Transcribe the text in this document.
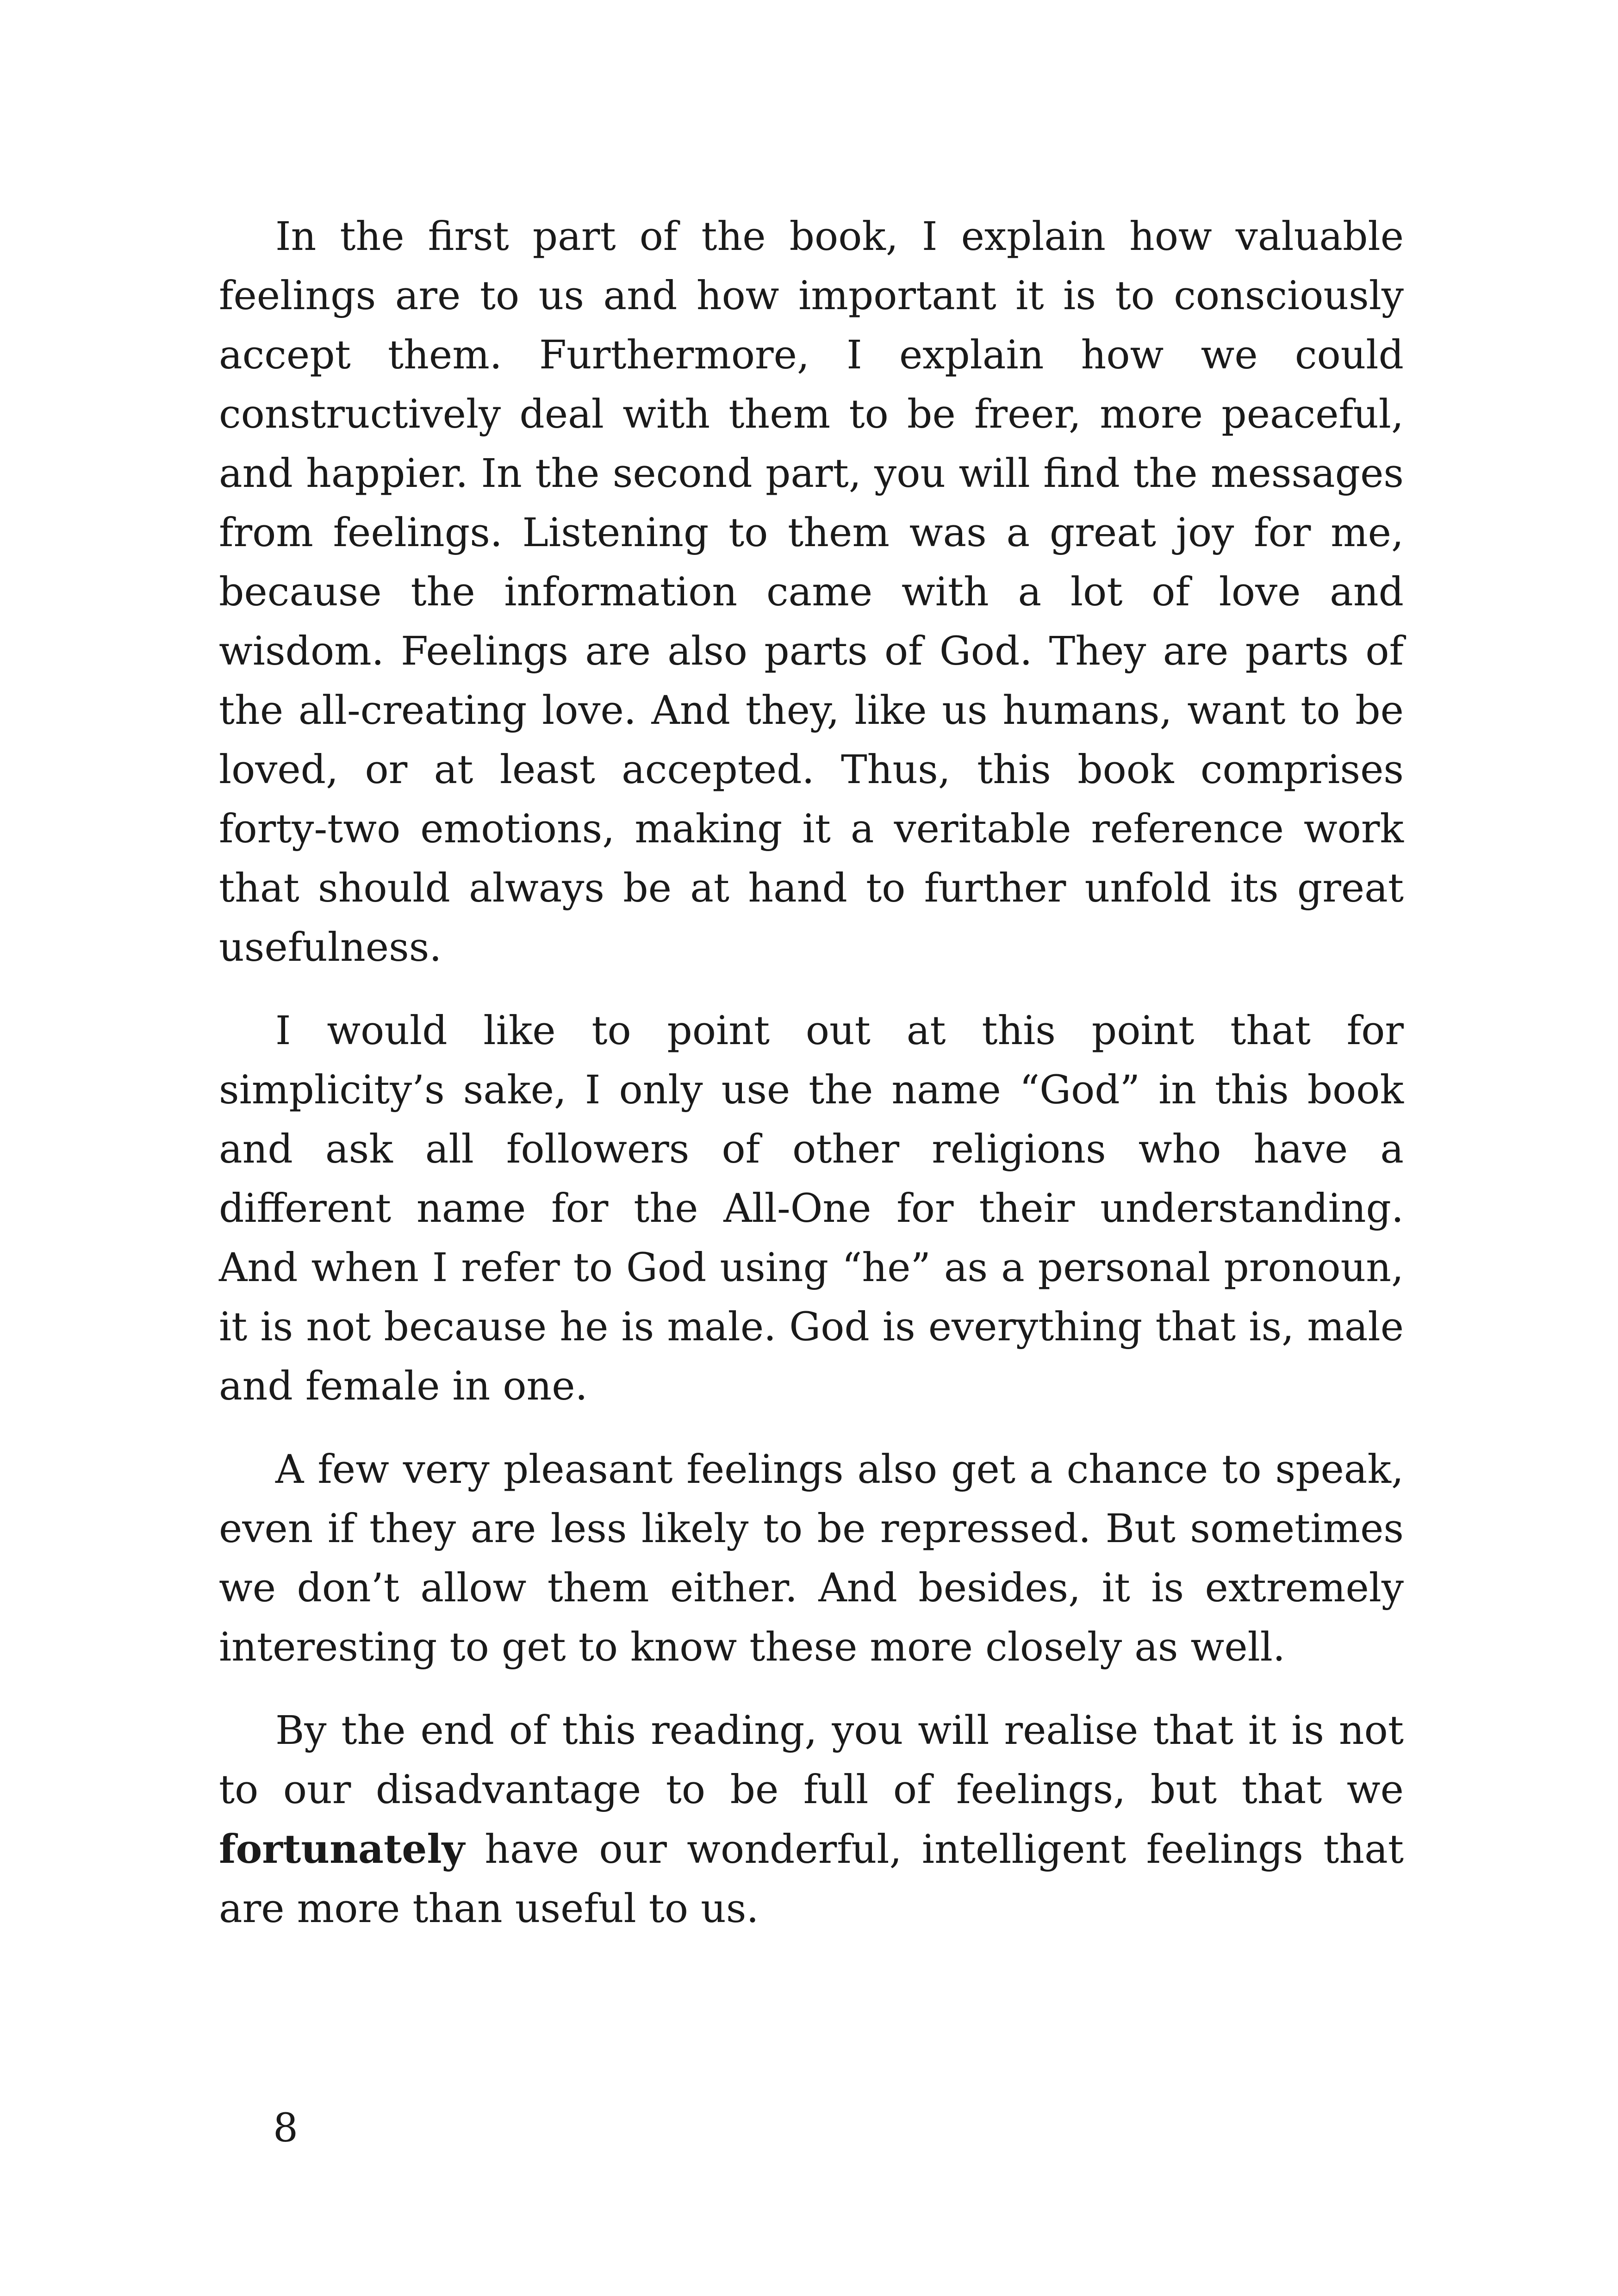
In the first part of the book, I explain how valuable feelings are to us and how important it is to consciously accept them. Furthermore, I explain how we could constructively deal with them to be freer, more peaceful, and happier. In the second part, you will find the messages from feelings. Listening to them was a great joy for me, because the information came with a lot of love and wisdom. Feelings are also parts of God. They are parts of the all-creating love. And they, like us humans, want to be loved, or at least accepted. Thus, this book comprises forty-two emotions, making it a veritable reference work that should always be at hand to further unfold its great usefulness.

I would like to point out at this point that for simplicity’s sake, I only use the name “God” in this book and ask all followers of other religions who have a different name for the All-One for their understanding. And when I refer to God using “he” as a personal pronoun, it is not because he is male. God is everything that is, male and female in one.

A few very pleasant feelings also get a chance to speak, even if they are less likely to be repressed. But sometimes we don’t allow them either. And besides, it is extremely interesting to get to know these more closely as well.

By the end of this reading, you will realise that it is not to our disadvantage to be full of feelings, but that we fortunately have our wonderful, intelligent feelings that are more than useful to us.

8
